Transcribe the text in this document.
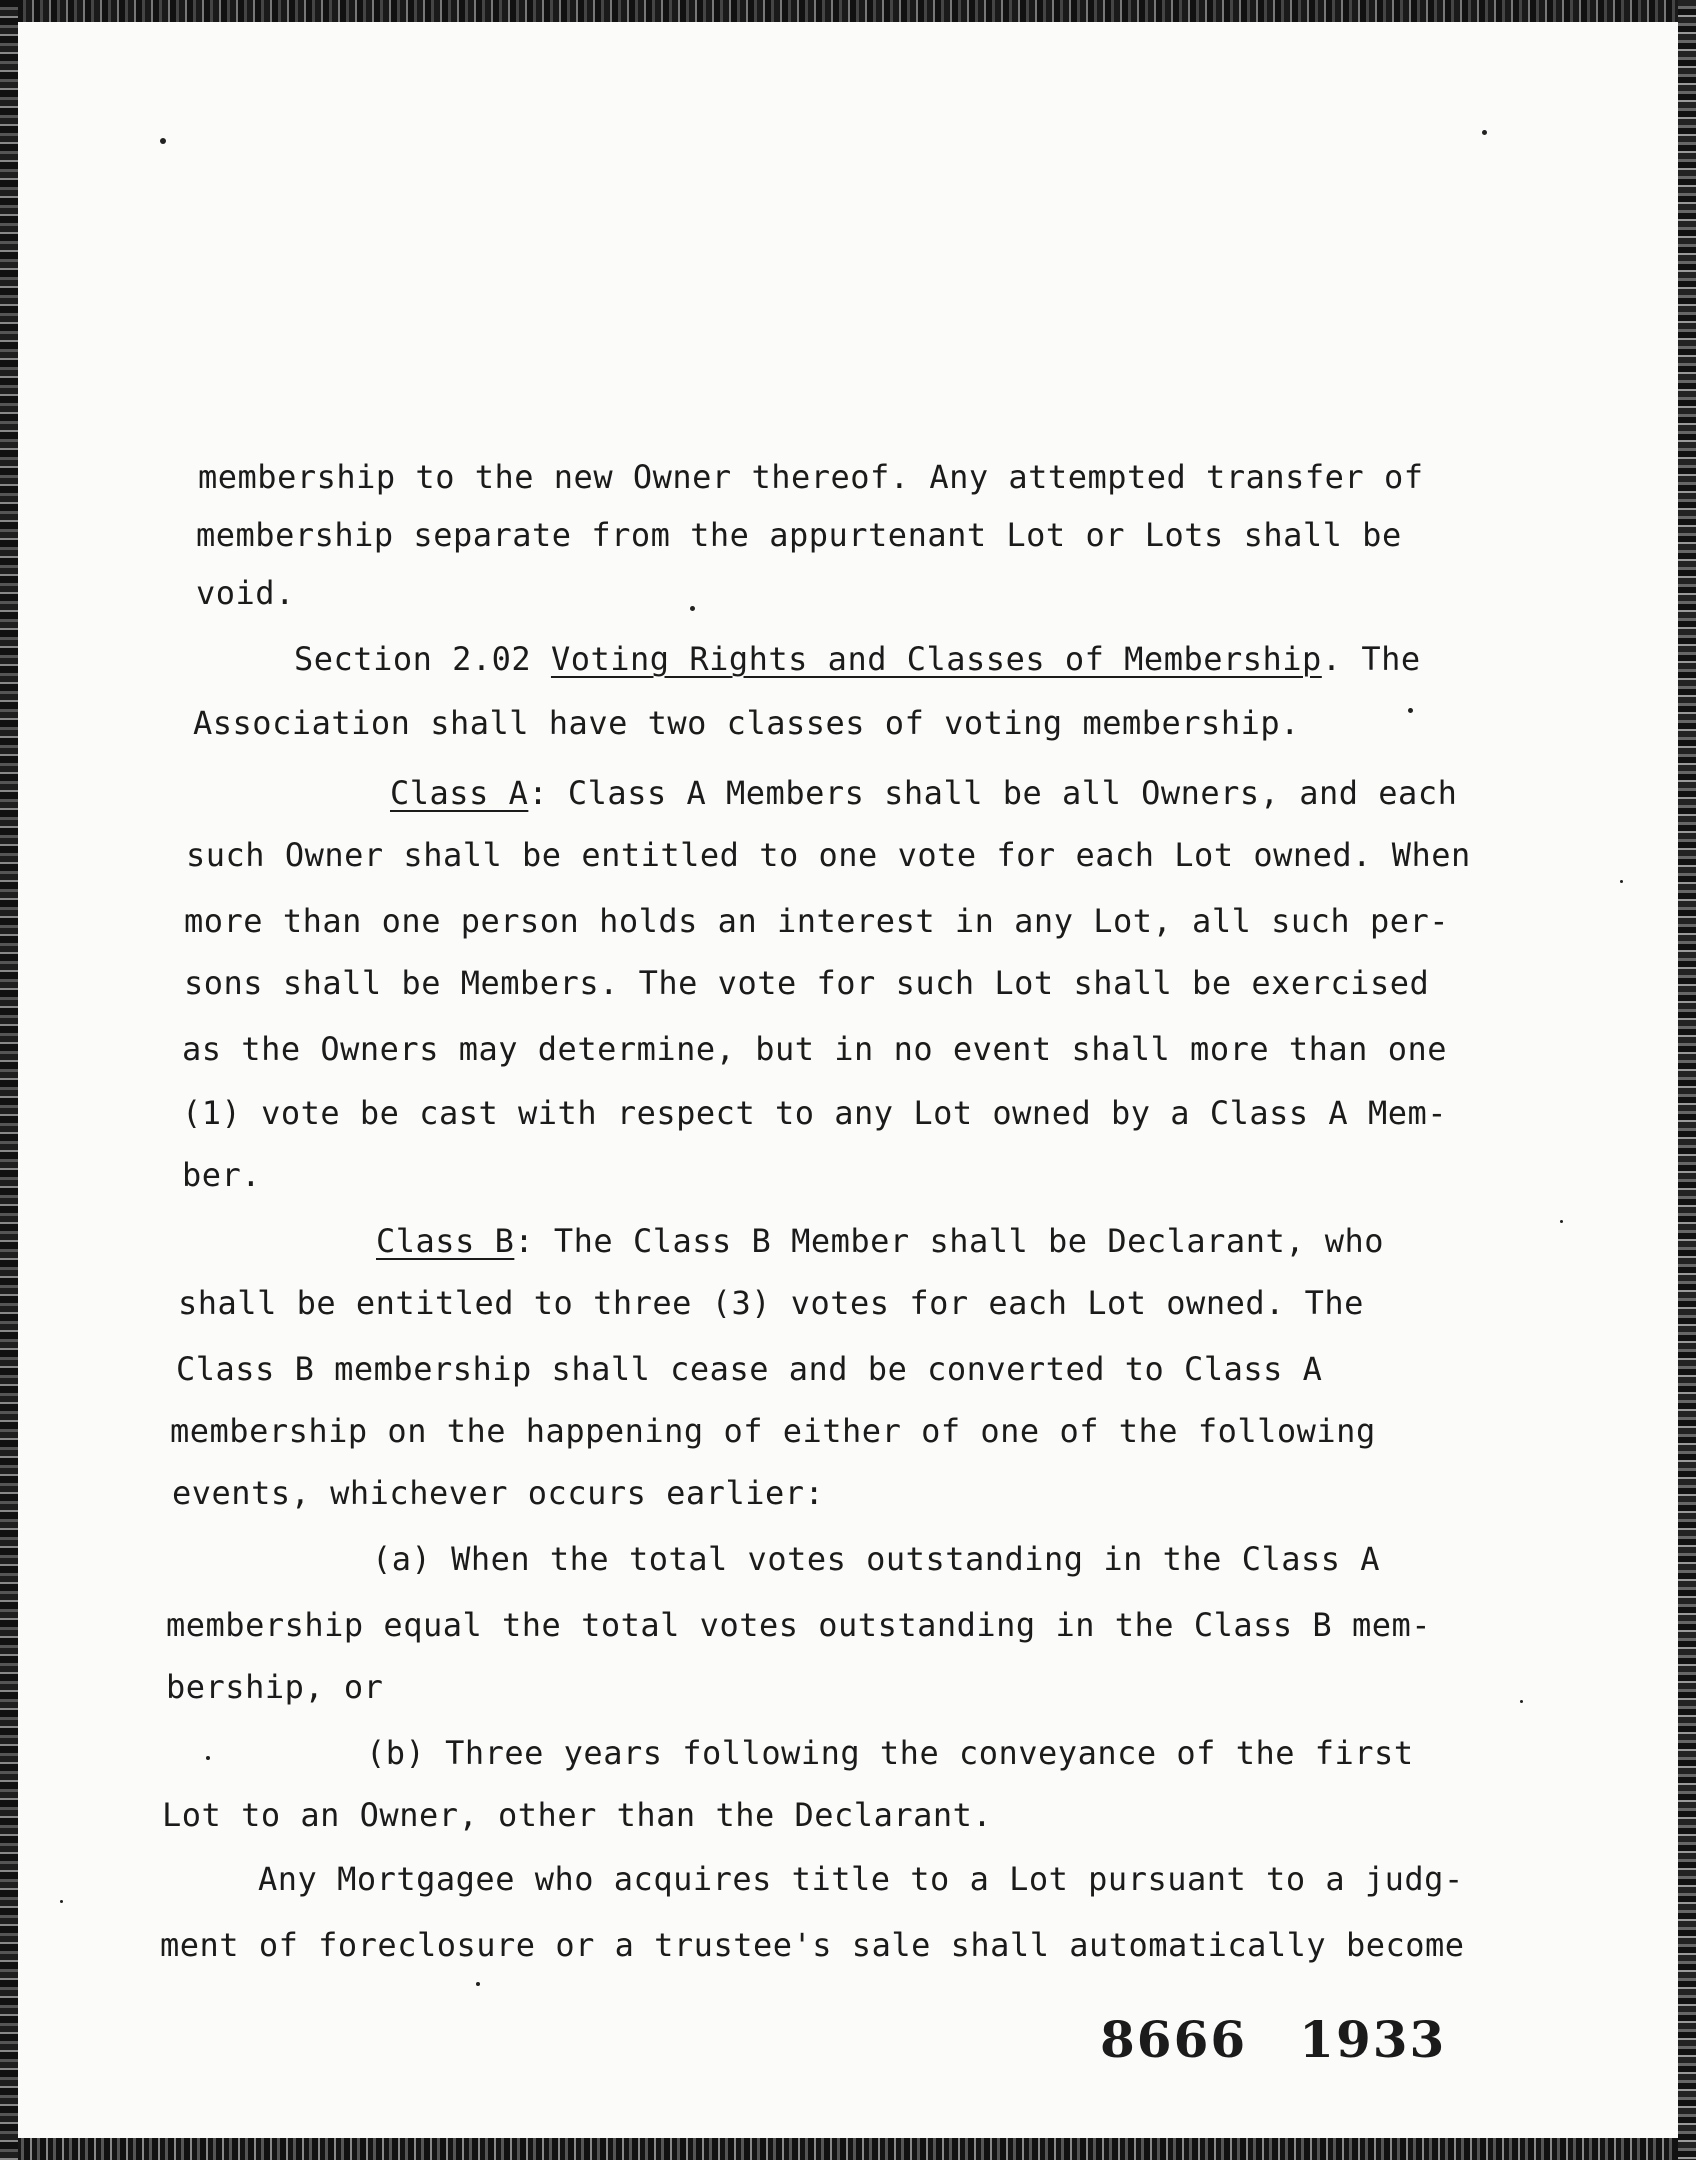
membership to the new Owner thereof. Any attempted transfer of

membership separate from the appurtenant Lot or Lots shall be

void.

Section 2.02 Voting Rights and Classes of Membership. The

Association shall have two classes of voting membership.

Class A: Class A Members shall be all Owners, and each

such Owner shall be entitled to one vote for each Lot owned. When

more than one person holds an interest in any Lot, all such per-

sons shall be Members. The vote for such Lot shall be exercised

as the Owners may determine, but in no event shall more than one

(1) vote be cast with respect to any Lot owned by a Class A Mem-

ber.

Class B: The Class B Member shall be Declarant, who

shall be entitled to three (3) votes for each Lot owned. The

Class B membership shall cease and be converted to Class A

membership on the happening of either of one of the following

events, whichever occurs earlier:

(a) When the total votes outstanding in the Class A

membership equal the total votes outstanding in the Class B mem-

bership, or

(b) Three years following the conveyance of the first

Lot to an Owner, other than the Declarant.

Any Mortgagee who acquires title to a Lot pursuant to a judg-

ment of foreclosure or a trustee's sale shall automatically become

8666 1933
